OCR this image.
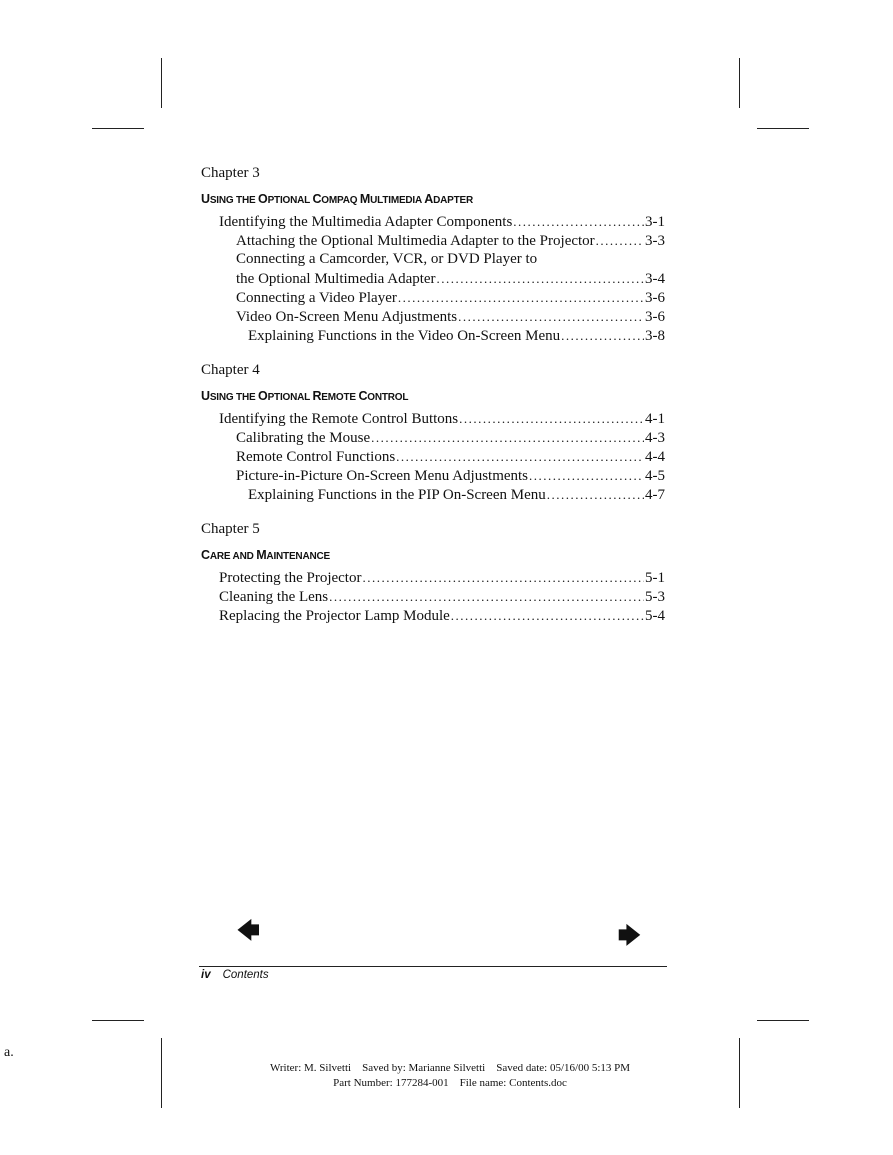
Chapter 3
USING THE OPTIONAL COMPAQ MULTIMEDIA ADAPTER
Identifying the Multimedia Adapter Components .....	3-1
Attaching the Optional Multimedia Adapter to the Projector .....	3-3
Connecting a Camcorder, VCR, or DVD Player to
the Optional Multimedia Adapter .....	3-4
Connecting a Video Player .....	3-6
Video On-Screen Menu Adjustments .....	3-6
Explaining Functions in the Video On-Screen Menu .....	3-8
Chapter 4
USING THE OPTIONAL REMOTE CONTROL
Identifying the Remote Control Buttons .....	4-1
Calibrating the Mouse .....	4-3
Remote Control Functions .....	4-4
Picture-in-Picture On-Screen Menu Adjustments .....	4-5
Explaining Functions in the PIP On-Screen Menu .....	4-7
Chapter 5
CARE AND MAINTENANCE
Protecting the Projector .....	5-1
Cleaning the Lens .....	5-3
Replacing the Projector Lamp Module .....	5-4
🡄	🡆
iv Contents
a.
Writer: M. Silvetti    Saved by: Marianne Silvetti    Saved date: 05/16/00 5:13 PM
Part Number: 177284-001    File name: Contents.doc
